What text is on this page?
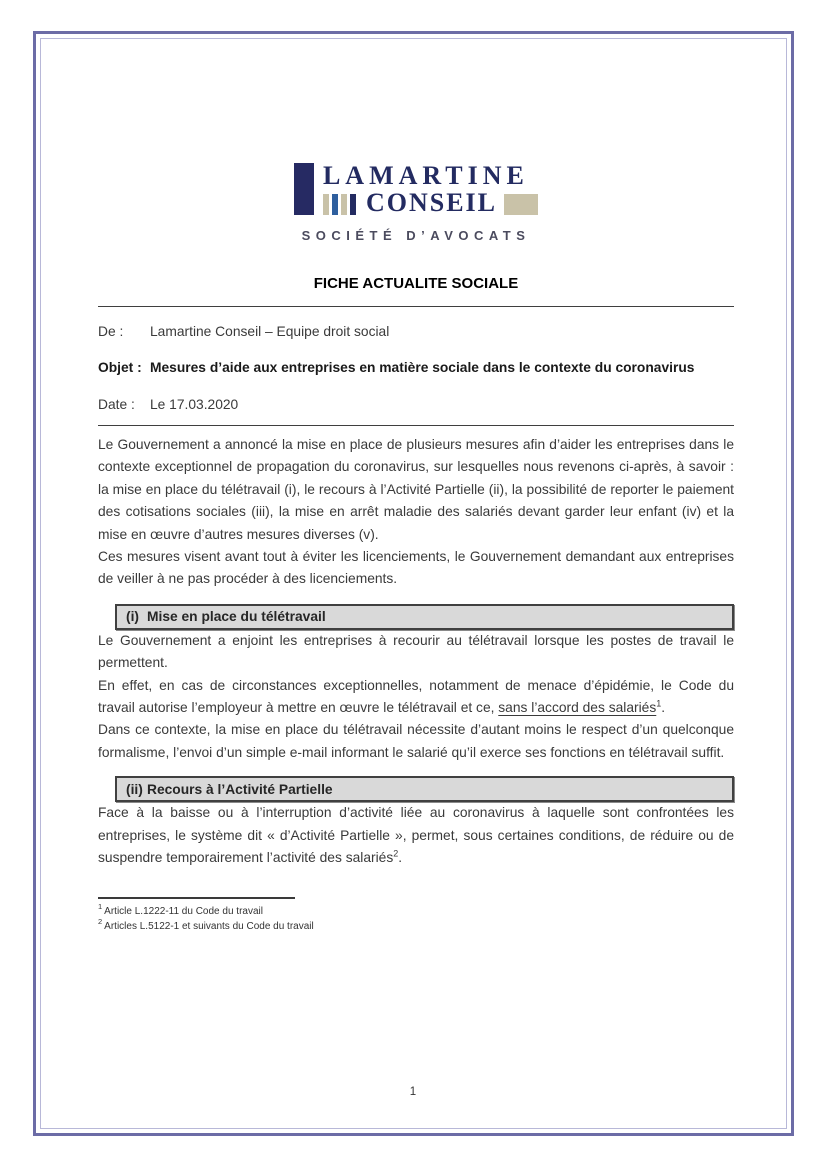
LAMARTINE
CONSEIL
SOCIÉTÉ D’AVOCATS
FICHE ACTUALITE SOCIALE
De :	Lamartine Conseil – Equipe droit social
Objet : Mesures d’aide aux entreprises en matière sociale dans le contexte du coronavirus
Date :	Le 17.03.2020

Le Gouvernement a annoncé la mise en place de plusieurs mesures afin d’aider les entreprises dans le contexte exceptionnel de propagation du coronavirus, sur lesquelles nous revenons ci-après, à savoir : la mise en place du télétravail (i), le recours à l’Activité Partielle (ii), la possibilité de reporter le paiement des cotisations sociales (iii), la mise en arrêt maladie des salariés devant garder leur enfant (iv) et la mise en œuvre d’autres mesures diverses (v).

Ces mesures visent avant tout à éviter les licenciements, le Gouvernement demandant aux entreprises de veiller à ne pas procéder à des licenciements.

(i) Mise en place du télétravail

Le Gouvernement a enjoint les entreprises à recourir au télétravail lorsque les postes de travail le permettent.

En effet, en cas de circonstances exceptionnelles, notamment de menace d’épidémie, le Code du travail autorise l’employeur à mettre en œuvre le télétravail et ce, sans l’accord des salariés$^1$.

Dans ce contexte, la mise en place du télétravail nécessite d’autant moins le respect d’un quelconque formalisme, l’envoi d’un simple e-mail informant le salarié qu’il exerce ses fonctions en télétravail suffit.

(ii) Recours à l’Activité Partielle

Face à la baisse ou à l’interruption d’activité liée au coronavirus à laquelle sont confrontées les entreprises, le système dit « d’Activité Partielle », permet, sous certaines conditions, de réduire ou de suspendre temporairement l’activité des salariés$^2$.

$^1$ Article L.1222-11 du Code du travail
$^2$ Articles L.5122-1 et suivants du Code du travail
1
